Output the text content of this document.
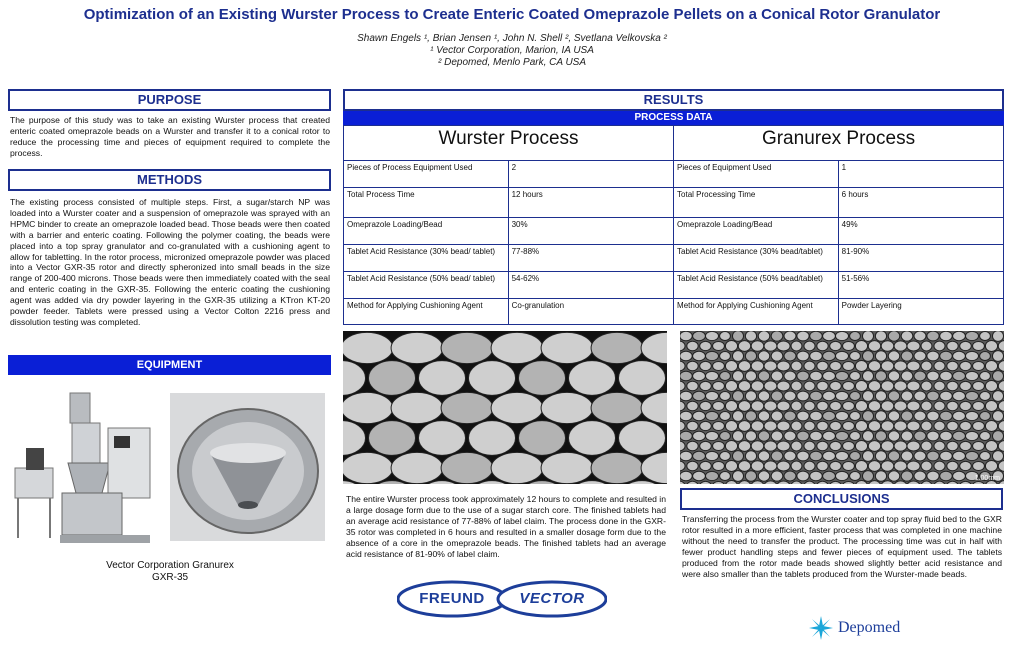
Optimization of an Existing Wurster Process to Create Enteric Coated Omeprazole Pellets on a Conical Rotor Granulator
Shawn Engels ¹, Brian Jensen ¹, John N. Shell ², Svetlana Velkovska ²
¹ Vector Corporation, Marion, IA USA
² Depomed, Menlo Park, CA USA
PURPOSE
The purpose of this study was to take an existing Wurster process that created enteric coated omeprazole beads on a Wurster and transfer it to a conical rotor to reduce the processing time and pieces of equipment required to complete the process.
METHODS
The existing process consisted of multiple steps. First, a sugar/starch NP was loaded into a Wurster coater and a suspension of omeprazole was sprayed with an HPMC binder to create an omeprazole loaded bead. Those beads were then coated with a barrier and enteric coating. Following the polymer coating, the beads were placed into a top spray granulator and co-granulated with a cushioning agent to allow for tabletting. In the rotor process, micronized omeprazole powder was placed into a Vector GXR-35 rotor and directly spheronized into small beads in the size range of 200-400 microns. Those beads were then immediately coated with the seal and enteric coating in the GXR-35. Following the enteric coating the cushioning agent was added via dry powder layering in the GXR-35 utilizing a KTron KT-20 powder feeder. Tablets were pressed using a Vector Colton 2216 press and dissolution testing was completed.
EQUIPMENT
Vector Corporation Granurex
GXR-35
RESULTS
PROCESS DATA
Wurster Process		Granurex Process	
Pieces of Process Equipment Used	2	Pieces of Equipment Used	1
Total Process Time	12 hours	Total Processing Time	6 hours
Omeprazole Loading/Bead	30%	Omeprazole Loading/Bead	49%
Tablet Acid Resistance (30% bead/ tablet)	77-88%	Tablet Acid Resistance (30% bead/tablet)	81-90%
Tablet Acid Resistance (50% bead/ tablet)	54-62%	Tablet Acid Resistance (50% bead/tablet)	51-56%
Method for Applying Cushioning Agent	Co-granulation	Method for Applying Cushioning Agent	Powder Layering
1.00mm
The entire Wurster process took approximately 12 hours to complete and resulted in a large dosage form due to the use of a sugar starch core. The finished tablets had an average acid resistance of 77-88% of label claim. The process done in the GXR-35 rotor was completed in 6 hours and resulted in a smaller dosage form due to the absence of a core in the omeprazole beads. The finished tablets had an average acid resistance of 81-90% of label claim.
CONCLUSIONS
Transferring the process from the Wurster coater and top spray fluid bed to the GXR rotor resulted in a more efficient, faster process that was completed in one machine without the need to transfer the product. The processing time was cut in half with fewer product handling steps and fewer pieces of equipment used. The tablets produced from the rotor made beads showed slightly better acid resistance and were also smaller than the tablets produced from the Wurster-made beads.
FREUND	VECTOR
Depomed
